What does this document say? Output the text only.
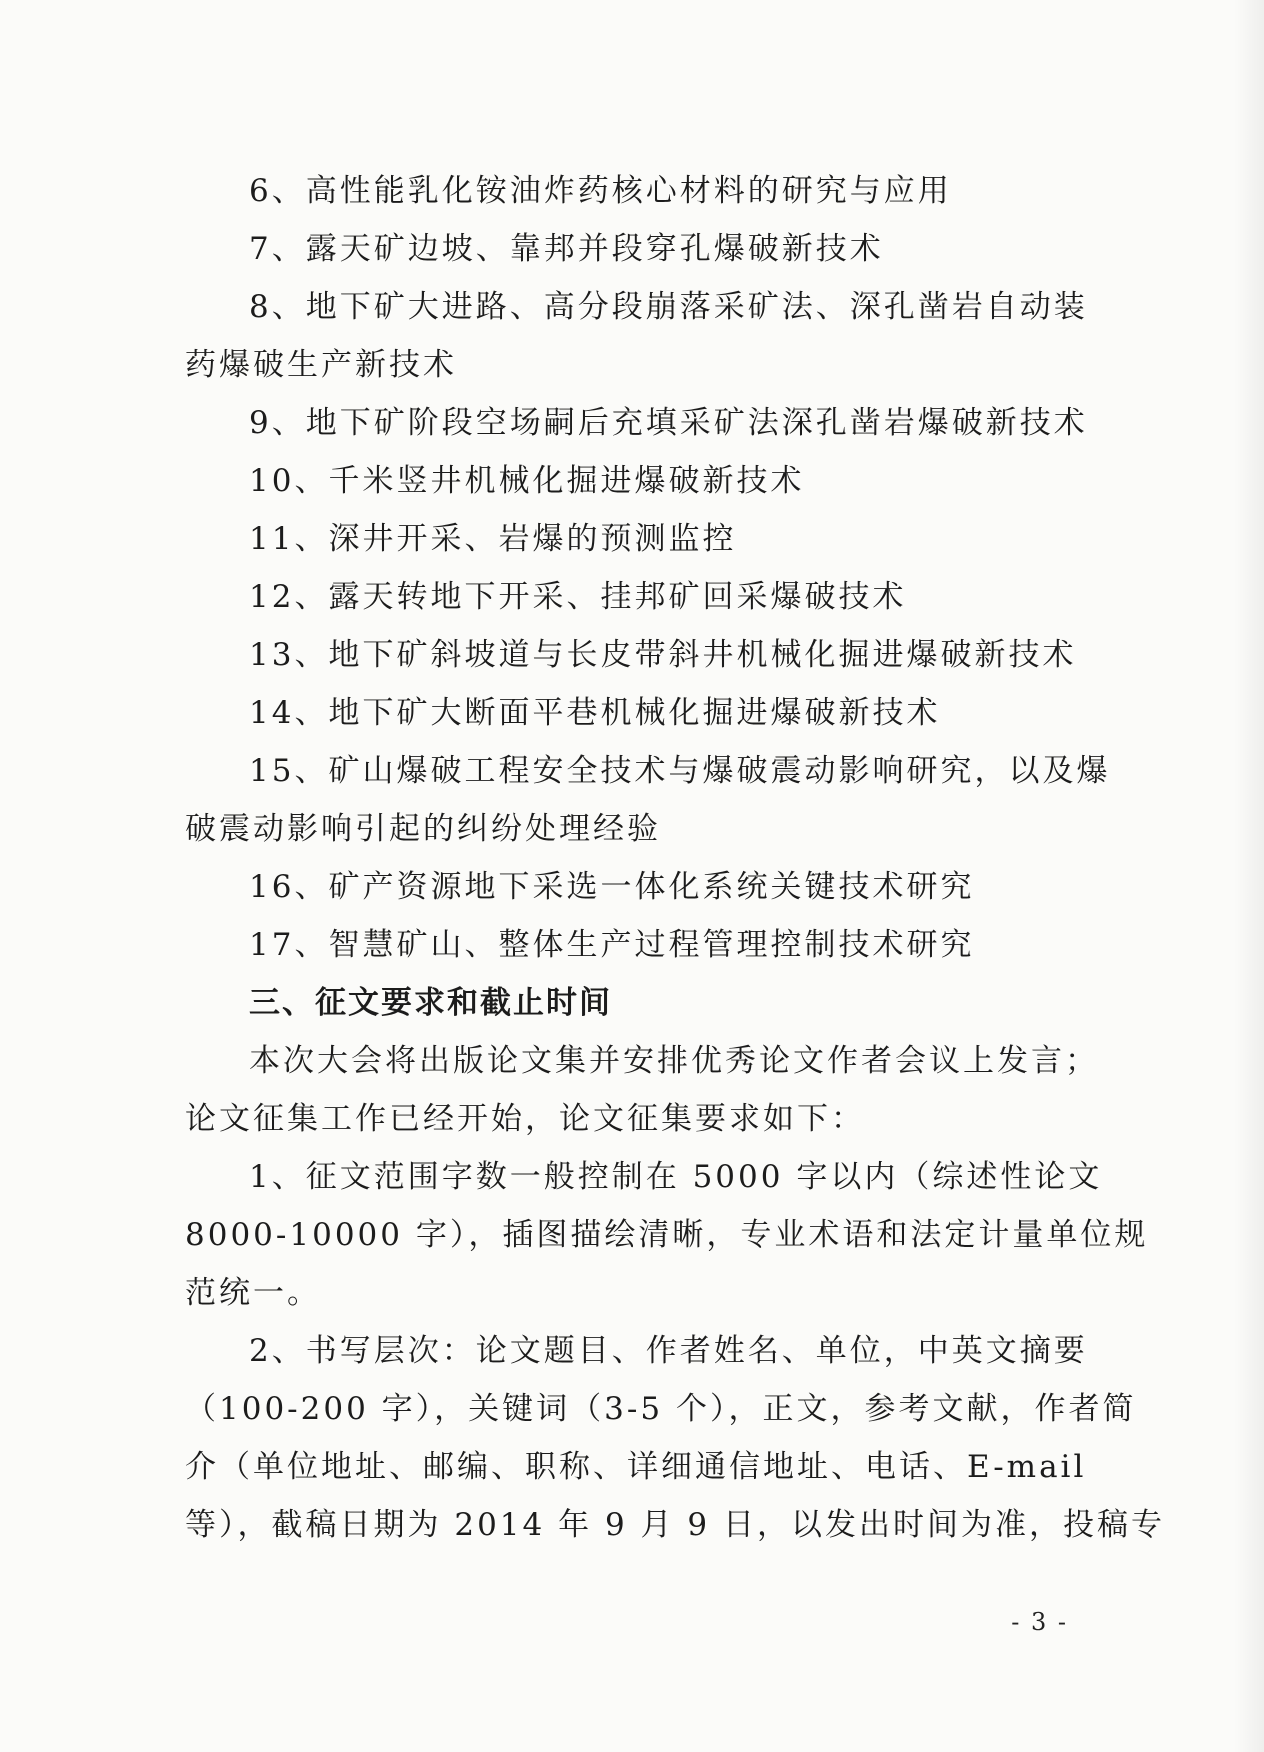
6、高性能乳化铵油炸药核心材料的研究与应用
7、露天矿边坡、靠邦并段穿孔爆破新技术
8、地下矿大进路、高分段崩落采矿法、深孔凿岩自动装
药爆破生产新技术
9、地下矿阶段空场嗣后充填采矿法深孔凿岩爆破新技术
10、千米竖井机械化掘进爆破新技术
11、深井开采、岩爆的预测监控
12、露天转地下开采、挂邦矿回采爆破技术
13、地下矿斜坡道与长皮带斜井机械化掘进爆破新技术
14、地下矿大断面平巷机械化掘进爆破新技术
15、矿山爆破工程安全技术与爆破震动影响研究，以及爆
破震动影响引起的纠纷处理经验
16、矿产资源地下采选一体化系统关键技术研究
17、智慧矿山、整体生产过程管理控制技术研究
三、征文要求和截止时间
本次大会将出版论文集并安排优秀论文作者会议上发言；
论文征集工作已经开始，论文征集要求如下：
1、征文范围字数一般控制在 5000 字以内（综述性论文
8000-10000 字），插图描绘清晰，专业术语和法定计量单位规
范统一。
2、书写层次：论文题目、作者姓名、单位，中英文摘要
（100-200 字），关键词（3-5 个），正文，参考文献，作者简
介（单位地址、邮编、职称、详细通信地址、电话、E-mail
等），截稿日期为 2014 年 9 月 9 日，以发出时间为准，投稿专
- 3 -
